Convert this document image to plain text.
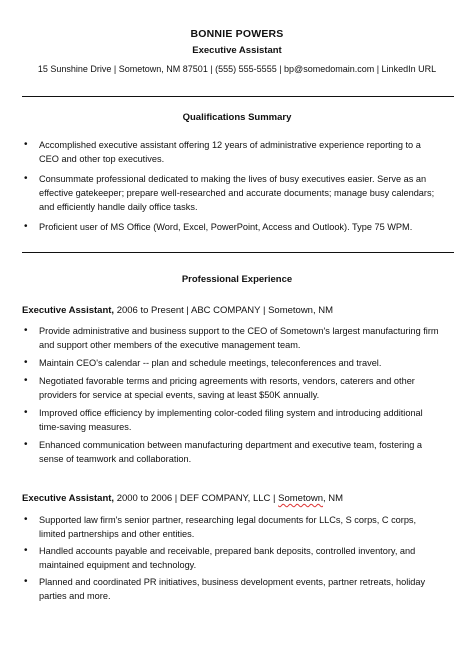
BONNIE POWERS
Executive Assistant
15 Sunshine Drive | Sometown, NM 87501 | (555) 555-5555 | bp@somedomain.com | LinkedIn URL
Qualifications Summary
• Accomplished executive assistant offering 12 years of administrative experience reporting to a CEO and other top executives.
• Consummate professional dedicated to making the lives of busy executives easier. Serve as an effective gatekeeper; prepare well-researched and accurate documents; manage busy calendars; and efficiently handle daily office tasks.
• Proficient user of MS Office (Word, Excel, PowerPoint, Access and Outlook). Type 75 WPM.
Professional Experience
Executive Assistant, 2006 to Present | ABC COMPANY | Sometown, NM
• Provide administrative and business support to the CEO of Sometown's largest manufacturing firm and support other members of the executive management team.
• Maintain CEO's calendar -- plan and schedule meetings, teleconferences and travel.
• Negotiated favorable terms and pricing agreements with resorts, vendors, caterers and other providers for service at special events, saving at least $50K annually.
• Improved office efficiency by implementing color-coded filing system and introducing additional time-saving measures.
• Enhanced communication between manufacturing department and executive team, fostering a sense of teamwork and collaboration.
Executive Assistant, 2000 to 2006 | DEF COMPANY, LLC | Sometown, NM
• Supported law firm's senior partner, researching legal documents for LLCs, S corps, C corps, limited partnerships and other entities.
• Handled accounts payable and receivable, prepared bank deposits, controlled inventory, and maintained equipment and technology.
• Planned and coordinated PR initiatives, business development events, partner retreats, holiday parties and more.
